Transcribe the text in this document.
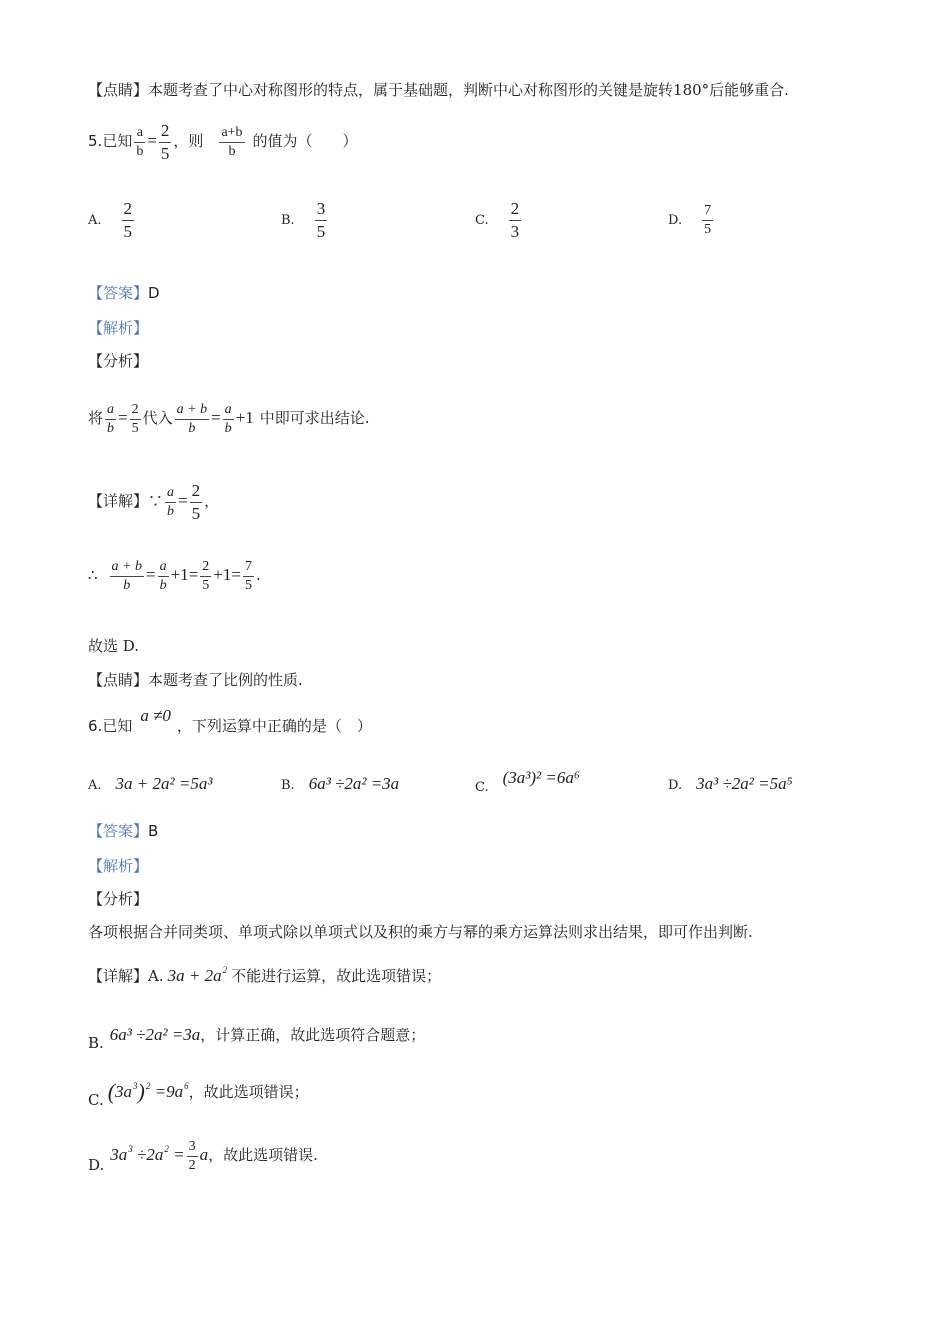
【点睛】本题考查了中心对称图形的特点，属于基础题，判断中心对称图形的关键是旋转180°后能够重合.
5.已知 $\frac{a}{b} = \frac{2}{5}$ ，则 $\frac{a+b}{b}$ 的值为（　　）
A. $\frac{2}{5}$	B. $\frac{3}{5}$	C. $\frac{2}{3}$	D. $\frac{7}{5}$
【答案】D
【解析】
【分析】
将 $\frac{a}{b} = \frac{2}{5}$ 代入 $\frac{a + b}{b} = \frac{a}{b} +1$ 中即可求出结论.
【详解】∵ $\frac{a}{b} = \frac{2}{5}$ ，
∴ $\frac{a + b}{b} = \frac{a}{b} +1= \frac{2}{5} +1= \frac{7}{5}$ .
故选 D.
【点睛】本题考查了比例的性质.
6.已知a ≠0，下列运算中正确的是（　）
A. 3a + 2a² =5a³	B. 6a³ ÷2a² =3a	C.(3a³)² =6a⁶	D. 3a³ ÷2a² =5a⁵
【答案】B
【解析】
【分析】
各项根据合并同类项、单项式除以单项式以及积的乘方与幂的乘方运算法则求出结果，即可作出判断.
【详解】A. $3a + 2a^2$ 不能进行运算，故此选项错误；
B. 6a³ ÷2a² =3a，计算正确，故此选项符合题意；
C. $(3a^3)^2 =9a^6$，故此选项错误；
$D.3a^3 \div 2a^2 = \frac{3}{2}$ a，故此选项错误.
